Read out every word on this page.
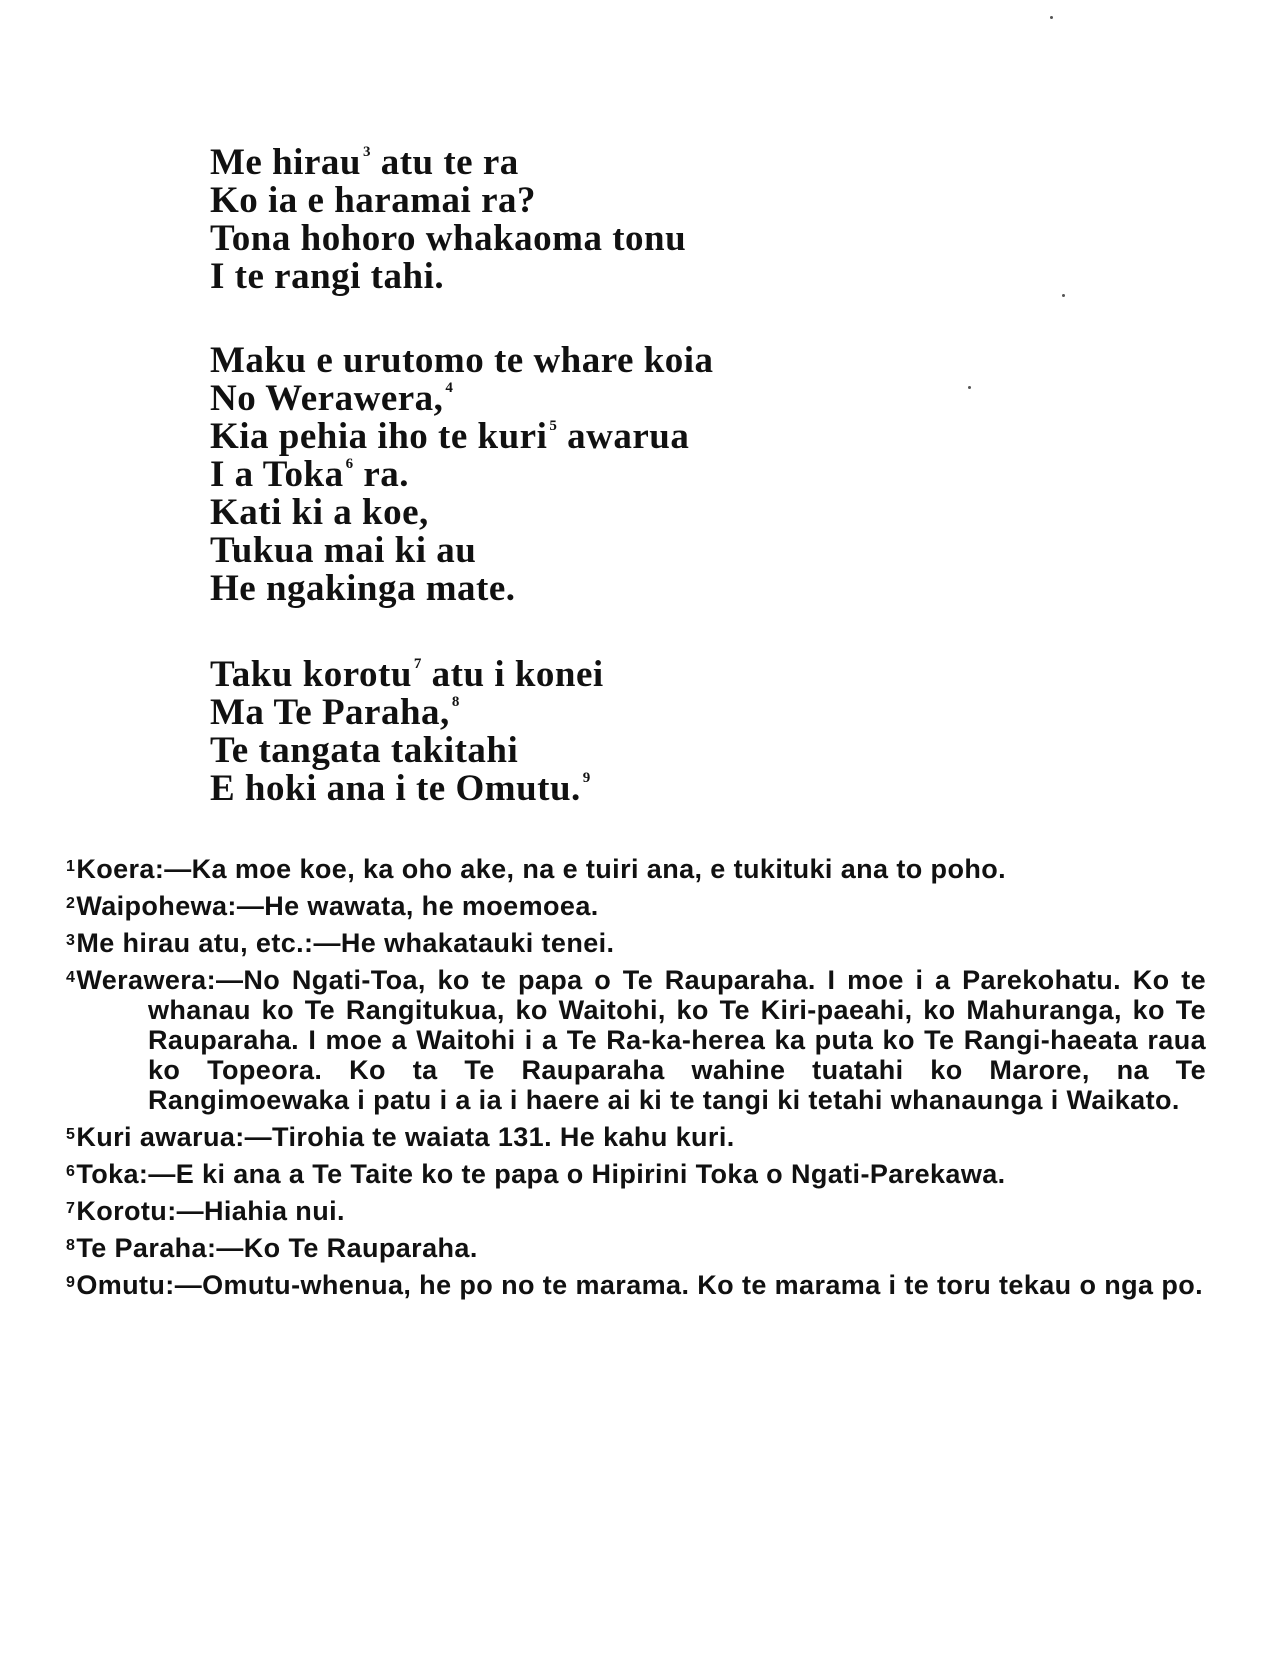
Me hirau $^3$ atu te ra
Ko ia e haramai ra?
Tona hohoro whakaoma tonu
I te rangi tahi.
Maku e urutomo te whare koia
No Werawera, $^4$
Kia pehia iho te kuri $^5$ awarua
I a Toka $^6$ ra.
Kati ki a koe,
Tukua mai ki au
He ngakinga mate.
Taku korotu $^7$ atu i konei
Ma Te Paraha, $^8$
Te tangata takitahi
E hoki ana i te Omutu. $^9$
$^1$Koera:—Ka moe koe, ka oho ake, na e tuiri ana, e tukituki ana to poho.
$^2$Waipohewa:—He wawata, he moemoea.
$^3$Me hirau atu, etc.:—He whakatauki tenei.
$^4$Werawera:—No Ngati-Toa, ko te papa o Te Rauparaha. I moe i a Parekohatu. Ko te whanau ko Te Rangitukua, ko Waitohi, ko Te Kiri-paeahi, ko Mahuranga, ko Te Rauparaha. I moe a Waitohi i a Te Ra-ka-herea ka puta ko Te Rangi-haeata raua ko Topeora. Ko ta Te Rauparaha wahine tuatahi ko Marore, na Te Rangimoewaka i patu i a ia i haere ai ki te tangi ki tetahi whanaunga i Waikato.
$^5$Kuri awarua:—Tirohia te waiata 131. He kahu kuri.
$^6$Toka:—E ki ana a Te Taite ko te papa o Hipirini Toka o Ngati-Parekawa.
$^7$Korotu:—Hiahia nui.
$^8$Te Paraha:—Ko Te Rauparaha.
$^9$Omutu:—Omutu-whenua, he po no te marama. Ko te marama i te toru tekau o nga po.
